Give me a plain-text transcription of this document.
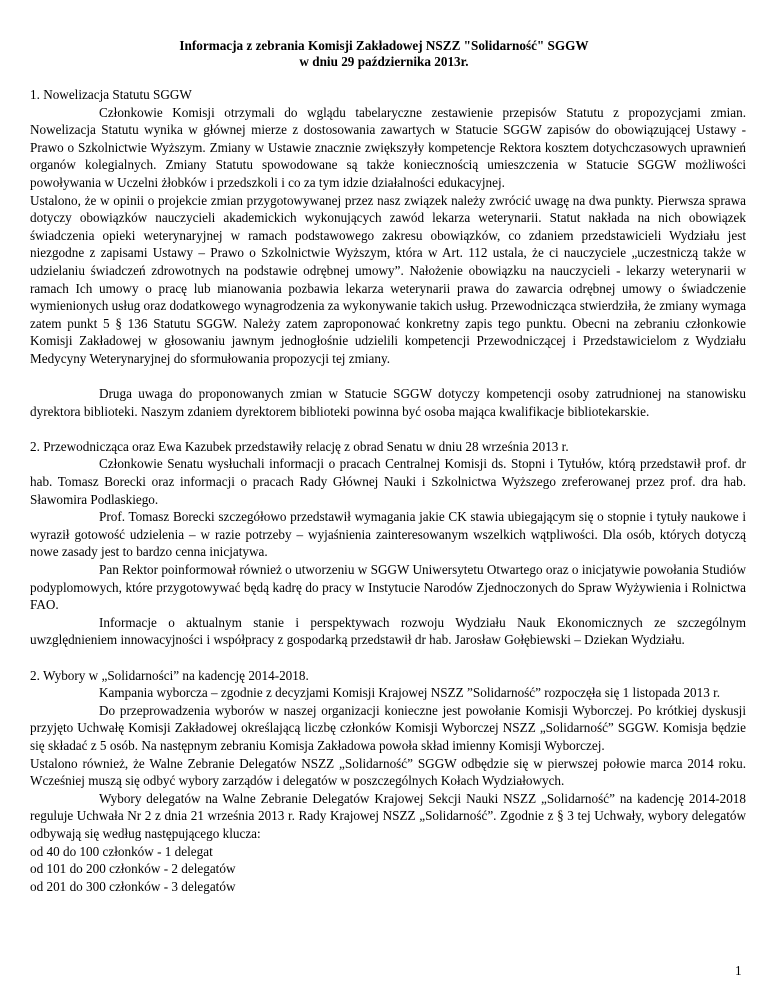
Informacja z zebrania Komisji Zakładowej NSZZ "Solidarność" SGGW
w dniu 29 października 2013r.

1. Nowelizacja Statutu SGGW

Członkowie Komisji otrzymali do wglądu tabelaryczne zestawienie przepisów Statutu z propozycjami zmian. Nowelizacja Statutu wynika w głównej mierze z dostosowania zawartych w Statucie SGGW zapisów do obowiązującej Ustawy - Prawo o Szkolnictwie Wyższym. Zmiany w Ustawie znacznie zwiększyły kompetencje Rektora kosztem dotychczasowych uprawnień organów kolegialnych. Zmiany Statutu spowodowane są także koniecznością umieszczenia w Statucie SGGW możliwości powoływania w Uczelni żłobków i przedszkoli i co za tym idzie działalności edukacyjnej.

Ustalono, że w opinii o projekcie zmian przygotowywanej przez nasz związek należy zwrócić uwagę na dwa punkty. Pierwsza sprawa dotyczy obowiązków nauczycieli akademickich wykonujących zawód lekarza weterynarii. Statut nakłada na nich obowiązek świadczenia opieki weterynaryjnej w ramach podstawowego zakresu obowiązków, co zdaniem przedstawicieli Wydziału jest niezgodne z zapisami Ustawy – Prawo o Szkolnictwie Wyższym, która w Art. 112 ustala, że ci nauczyciele „uczestniczą także w udzielaniu świadczeń zdrowotnych na podstawie odrębnej umowy”. Nałożenie obowiązku na nauczycieli - lekarzy weterynarii w ramach Ich umowy o pracę lub mianowania pozbawia lekarza weterynarii prawa do zawarcia odrębnej umowy o świadczenie wymienionych usług oraz dodatkowego wynagrodzenia za wykonywanie takich usług. Przewodnicząca stwierdziła, że zmiany wymaga zatem punkt 5 § 136 Statutu SGGW. Należy zatem zaproponować konkretny zapis tego punktu. Obecni na zebraniu członkowie Komisji Zakładowej w głosowaniu jawnym jednogłośnie udzielili kompetencji Przewodniczącej i Przedstawicielom z Wydziału Medycyny Weterynaryjnej do sformułowania propozycji tej zmiany.

Druga uwaga do proponowanych zmian w Statucie SGGW dotyczy kompetencji osoby zatrudnionej na stanowisku dyrektora biblioteki. Naszym zdaniem dyrektorem biblioteki powinna być osoba mająca kwalifikacje bibliotekarskie.

2. Przewodnicząca oraz Ewa Kazubek przedstawiły relację z obrad Senatu w dniu 28 września 2013 r.

Członkowie Senatu wysłuchali informacji o pracach Centralnej Komisji ds. Stopni i Tytułów, którą przedstawił prof. dr hab. Tomasz Borecki oraz informacji o pracach Rady Głównej Nauki i Szkolnictwa Wyższego zreferowanej przez prof. dra hab. Sławomira Podlaskiego.

Prof. Tomasz Borecki szczegółowo przedstawił wymagania jakie CK stawia ubiegającym się o stopnie i tytuły naukowe i wyraził gotowość udzielenia – w razie potrzeby – wyjaśnienia zainteresowanym wszelkich wątpliwości. Dla osób, których dotyczą nowe zasady jest to bardzo cenna inicjatywa.

Pan Rektor poinformował również o utworzeniu w SGGW Uniwersytetu Otwartego oraz o inicjatywie powołania Studiów podyplomowych, które przygotowywać będą kadrę do pracy w Instytucie Narodów Zjednoczonych do Spraw Wyżywienia i Rolnictwa FAO.

Informacje o aktualnym stanie i perspektywach rozwoju Wydziału Nauk Ekonomicznych ze szczególnym uwzględnieniem innowacyjności i współpracy z gospodarką przedstawił dr hab. Jarosław Gołębiewski – Dziekan Wydziału.

2. Wybory w „Solidarności” na kadencję 2014-2018.

Kampania wyborcza – zgodnie z decyzjami Komisji Krajowej NSZZ ”Solidarność” rozpoczęła się 1 listopada 2013 r.

Do przeprowadzenia wyborów w naszej organizacji konieczne jest powołanie Komisji Wyborczej. Po krótkiej dyskusji przyjęto Uchwałę Komisji Zakładowej określającą liczbę członków Komisji Wyborczej NSZZ „Solidarność” SGGW. Komisja będzie się składać z 5 osób. Na następnym zebraniu Komisja Zakładowa powoła skład imienny Komisji Wyborczej.

Ustalono również, że Walne Zebranie Delegatów NSZZ „Solidarność” SGGW odbędzie się w pierwszej połowie marca 2014 roku. Wcześniej muszą się odbyć wybory zarządów i delegatów w poszczególnych Kołach Wydziałowych.

Wybory delegatów na Walne Zebranie Delegatów Krajowej Sekcji Nauki NSZZ „Solidarność” na kadencję 2014-2018 reguluje Uchwała Nr 2 z dnia 21 września 2013 r. Rady Krajowej NSZZ „Solidarność”. Zgodnie z § 3 tej Uchwały, wybory delegatów odbywają się według następującego klucza:

od 40 do 100 członków - 1 delegat

od 101 do 200 członków - 2 delegatów

od 201 do 300 członków - 3 delegatów

1
